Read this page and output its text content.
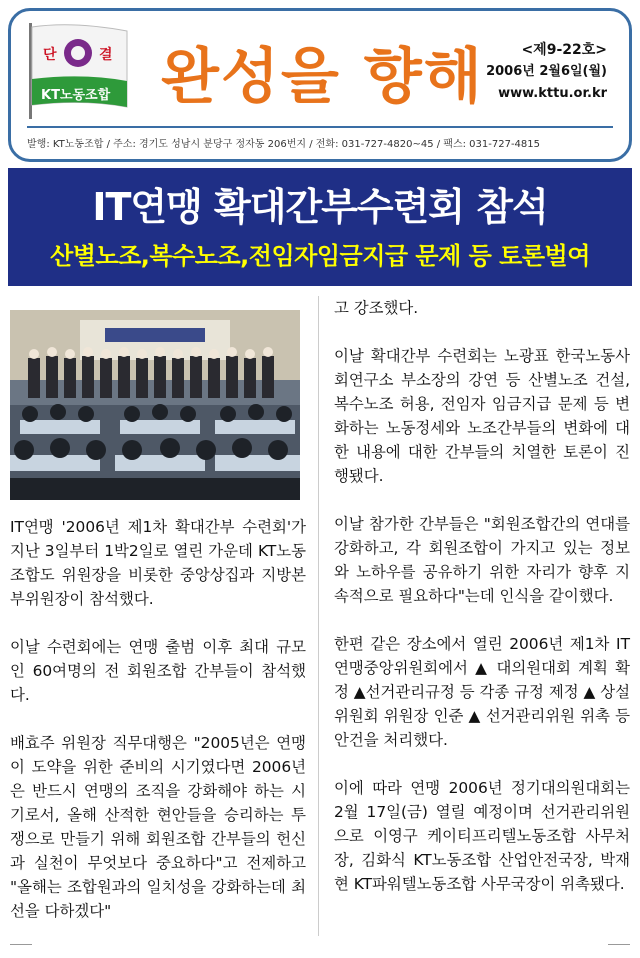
단	결
KT노동조합 완성을 향해	<제9-22호>
2006년 2월6일(월)
www.kttu.or.kr
발행: KT노동조합 / 주소: 경기도 성남시 분당구 정자동 206번지 / 전화: 031-727-4820~45 / 팩스: 031-727-4815
IT연맹 확대간부수련회 참석
산별노조,복수노조,전임자임금지급 문제 등 토론벌여

IT연맹 '2006년 제1차 확대간부 수련회'가 지난 3일부터 1박2일로 열린 가운데 KT노동조합도 위원장을 비롯한 중앙상집과 지방본부위원장이 참석했다.

이날 수련회에는 연맹 출범 이후 최대 규모인 60여명의 전 회원조합 간부들이 참석했다.

배효주 위원장 직무대행은 "2005년은 연맹이 도약을 위한 준비의 시기였다면 2006년은 반드시 연맹의 조직을 강화해야 하는 시기로서, 올해 산적한 현안들을 승리하는 투쟁으로 만들기 위해 회원조합 간부들의 헌신과 실천이 무엇보다 중요하다"고 전제하고 "올해는 조합원과의 일치성을 강화하는데 최선을 다하겠다"

고 강조했다.

이날 확대간부 수련회는 노광표 한국노동사회연구소 부소장의 강연 등 산별노조 건설, 복수노조 허용, 전임자 임금지급 문제 등 변화하는 노동정세와 노조간부들의 변화에 대한 내용에 대한 간부들의 치열한 토론이 진행됐다.

이날 참가한 간부들은 "회원조합간의 연대를 강화하고, 각 회원조합이 가지고 있는 정보와 노하우를 공유하기 위한 자리가 향후 지속적으로 필요하다"는데 인식을 같이했다.

한편 같은 장소에서 열린 2006년 제1차 IT연맹중앙위원회에서 ▲ 대의원대회 계획 확정 ▲선거관리규정 등 각종 규정 제정 ▲ 상설위원회 위원장 인준 ▲ 선거관리위원 위촉 등 안건을 처리했다.

이에 따라 연맹 2006년 정기대의원대회는 2월 17일(금) 열릴 예정이며 선거관리위원으로 이영구 케이티프리텔노동조합 사무처장, 김화식 KT노동조합 산업안전국장, 박재현 KT파워텔노동조합 사무국장이 위촉됐다.
